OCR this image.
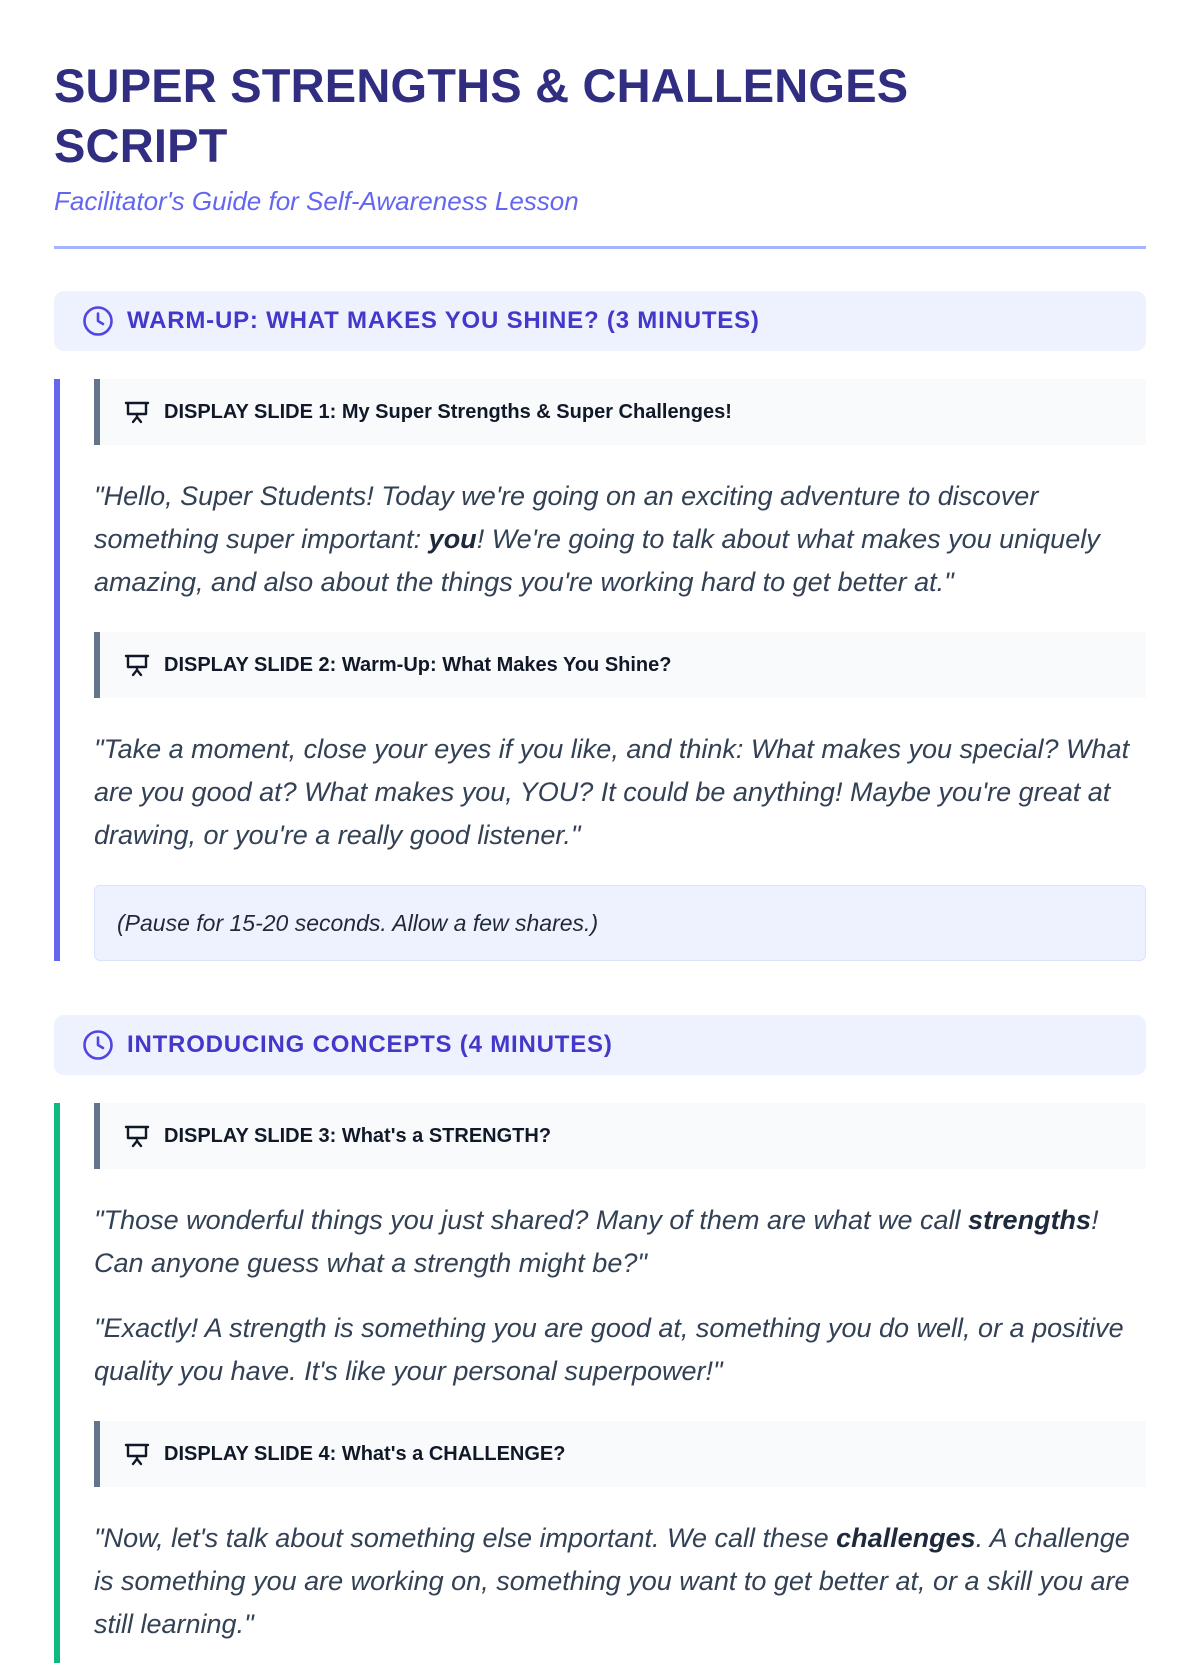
SUPER STRENGTHS & CHALLENGES
SCRIPT

Facilitator's Guide for Self-Awareness Lesson

WARM-UP: WHAT MAKES YOU SHINE? (3 MINUTES)
DISPLAY SLIDE 1: My Super Strengths & Super Challenges!

"Hello, Super Students! Today we're going on an exciting adventure to discover something super important: you! We're going to talk about what makes you uniquely amazing, and also about the things you're working hard to get better at."

DISPLAY SLIDE 2: Warm-Up: What Makes You Shine?

"Take a moment, close your eyes if you like, and think: What makes you special? What are you good at? What makes you, YOU? It could be anything! Maybe you're great at drawing, or you're a really good listener."

(Pause for 15-20 seconds. Allow a few shares.)
INTRODUCING CONCEPTS (4 MINUTES)
DISPLAY SLIDE 3: What's a STRENGTH?

"Those wonderful things you just shared? Many of them are what we call strengths! Can anyone guess what a strength might be?"

"Exactly! A strength is something you are good at, something you do well, or a positive quality you have. It's like your personal superpower!"

DISPLAY SLIDE 4: What's a CHALLENGE?

"Now, let's talk about something else important. We call these challenges. A challenge is something you are working on, something you want to get better at, or a skill you are still learning."
